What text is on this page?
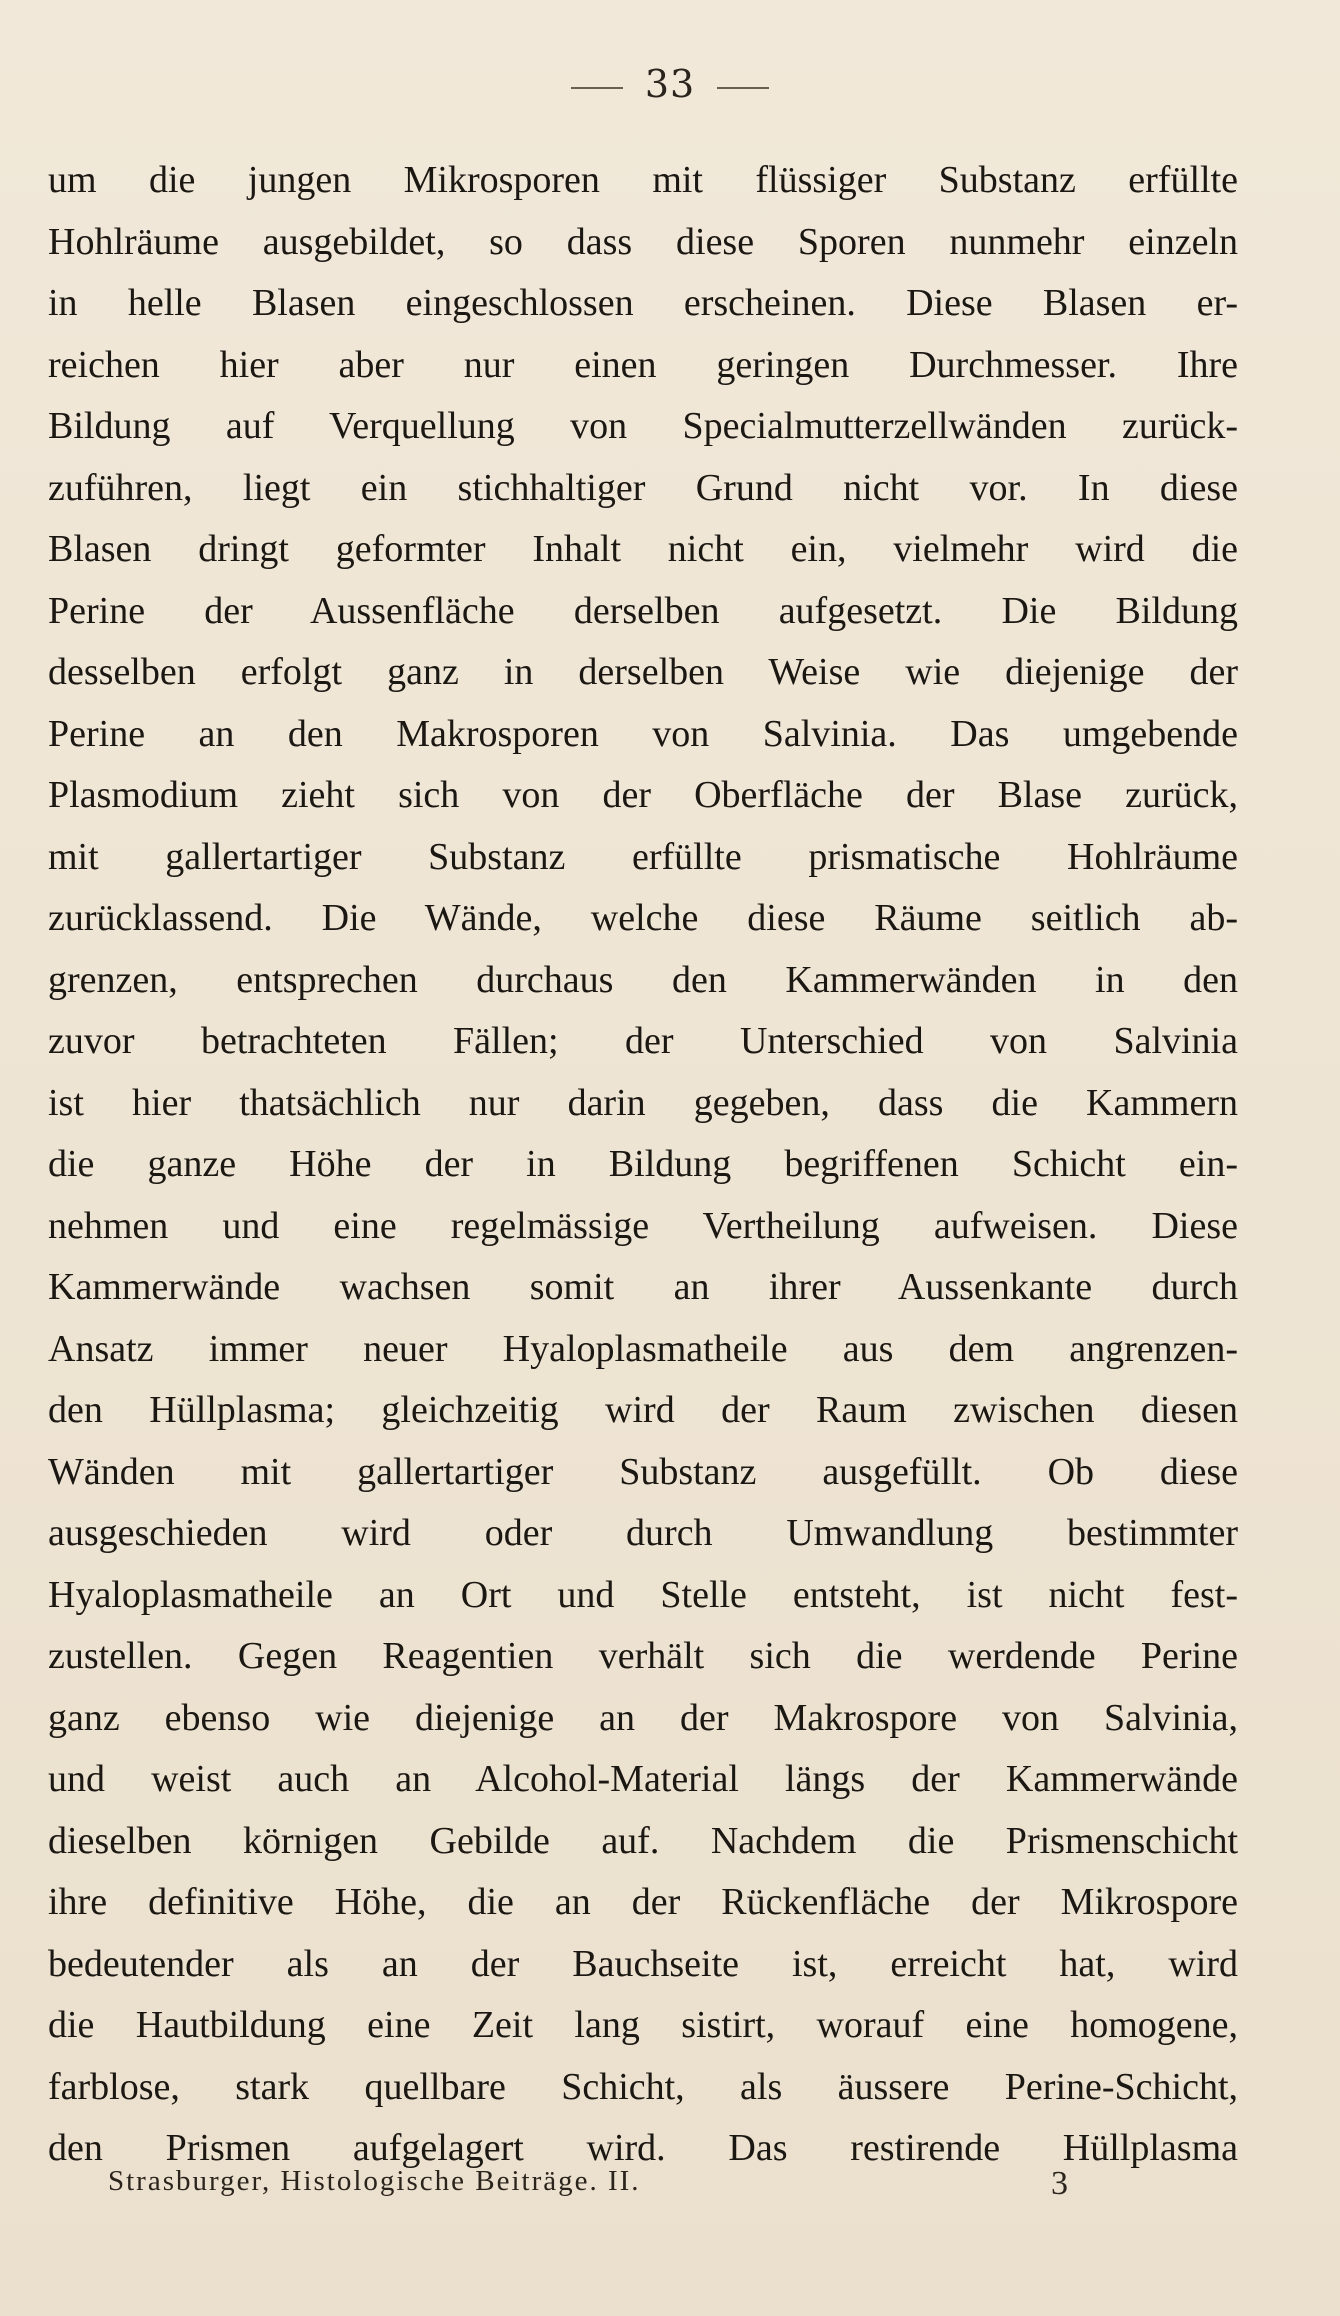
33
um die jungen Mikrosporen mit flüssiger Substanz erfüllte
Hohlräume ausgebildet, so dass diese Sporen nunmehr einzeln
in helle Blasen eingeschlossen erscheinen. Diese Blasen er-
reichen hier aber nur einen geringen Durchmesser. Ihre
Bildung auf Verquellung von Specialmutterzellwänden zurück-
zuführen, liegt ein stichhaltiger Grund nicht vor. In diese
Blasen dringt geformter Inhalt nicht ein, vielmehr wird die
Perine der Aussenfläche derselben aufgesetzt. Die Bildung
desselben erfolgt ganz in derselben Weise wie diejenige der
Perine an den Makrosporen von Salvinia. Das umgebende
Plasmodium zieht sich von der Oberfläche der Blase zurück,
mit gallertartiger Substanz erfüllte prismatische Hohlräume
zurücklassend. Die Wände, welche diese Räume seitlich ab-
grenzen, entsprechen durchaus den Kammerwänden in den
zuvor betrachteten Fällen; der Unterschied von Salvinia
ist hier thatsächlich nur darin gegeben, dass die Kammern
die ganze Höhe der in Bildung begriffenen Schicht ein-
nehmen und eine regelmässige Vertheilung aufweisen. Diese
Kammerwände wachsen somit an ihrer Aussenkante durch
Ansatz immer neuer Hyaloplasmatheile aus dem angrenzen-
den Hüllplasma; gleichzeitig wird der Raum zwischen diesen
Wänden mit gallertartiger Substanz ausgefüllt. Ob diese
ausgeschieden wird oder durch Umwandlung bestimmter
Hyaloplasmatheile an Ort und Stelle entsteht, ist nicht fest-
zustellen. Gegen Reagentien verhält sich die werdende Perine
ganz ebenso wie diejenige an der Makrospore von Salvinia,
und weist auch an Alcohol-Material längs der Kammerwände
dieselben körnigen Gebilde auf. Nachdem die Prismenschicht
ihre definitive Höhe, die an der Rückenfläche der Mikrospore
bedeutender als an der Bauchseite ist, erreicht hat, wird
die Hautbildung eine Zeit lang sistirt, worauf eine homogene,
farblose, stark quellbare Schicht, als äussere Perine-Schicht,
den Prismen aufgelagert wird. Das restirende Hüllplasma
Strasburger, Histologische Beiträge. II.	3
